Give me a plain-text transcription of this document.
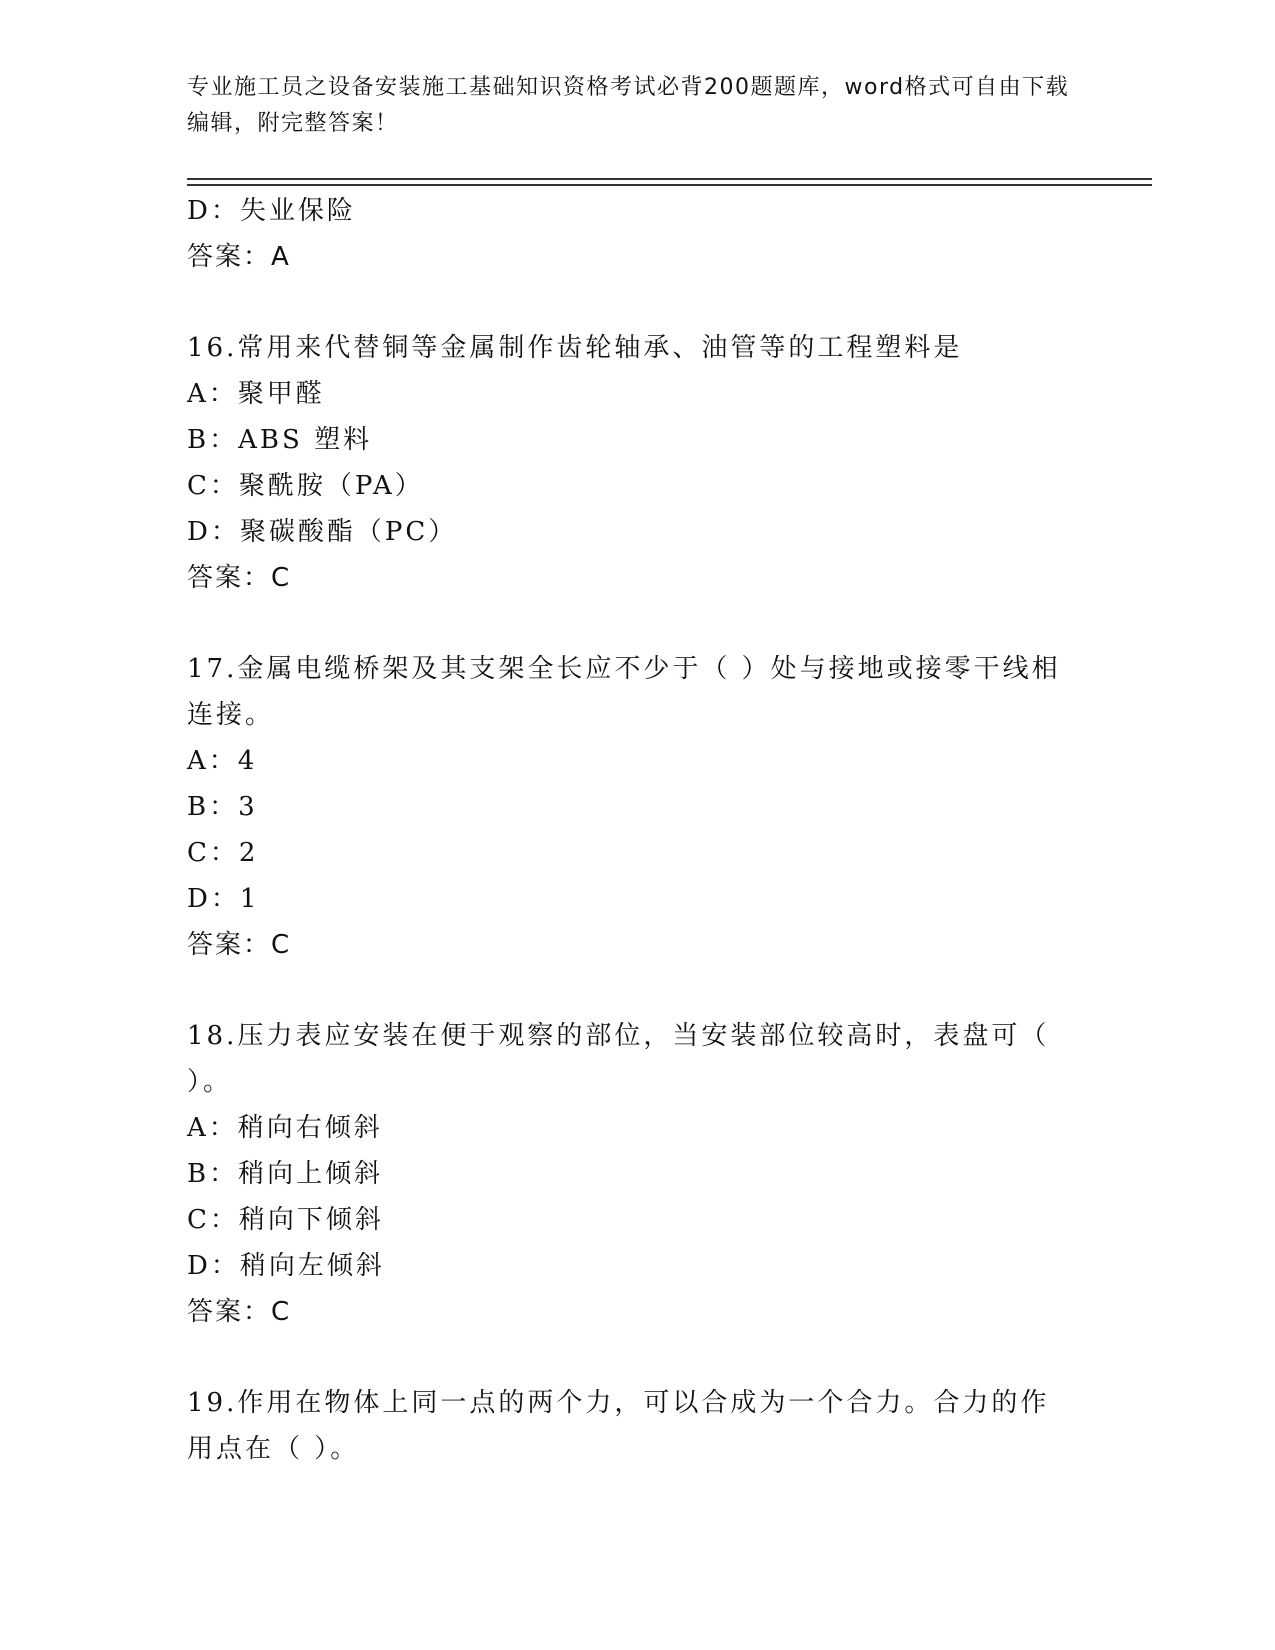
专业施工员之设备安装施工基础知识资格考试必背200题题库，word格式可自由下载编辑，附完整答案！
D：失业保险
答案：A
16.常用来代替铜等金属制作齿轮轴承、油管等的工程塑料是
A：聚甲醛
B：ABS 塑料
C：聚酰胺（PA）
D：聚碳酸酯（PC）
答案：C
17.金属电缆桥架及其支架全长应不少于（ ）处与接地或接零干线相连接。
A：4
B：3
C：2
D：1
答案：C
18.压力表应安装在便于观察的部位，当安装部位较高时，表盘可（ ）。
A：稍向右倾斜
B：稍向上倾斜
C：稍向下倾斜
D：稍向左倾斜
答案：C
19.作用在物体上同一点的两个力，可以合成为一个合力。合力的作用点在（ ）。
